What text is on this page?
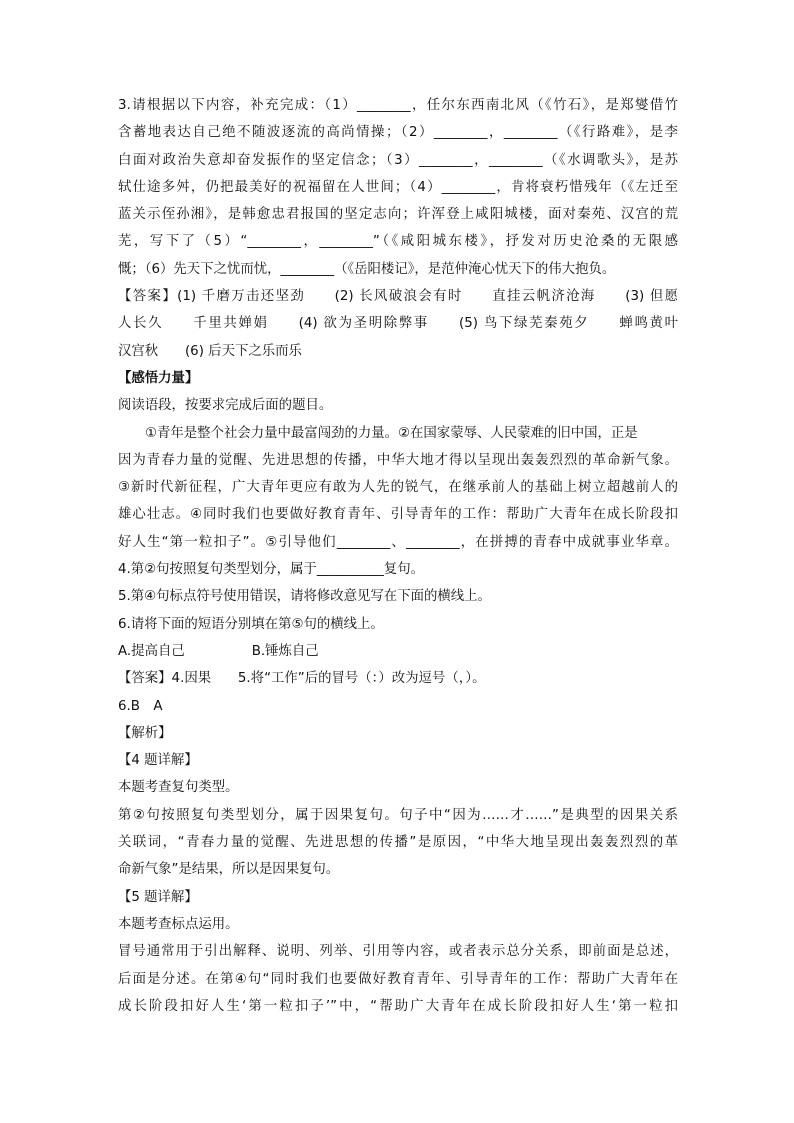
3.请根据以下内容，补充完成：（1）________，任尔东西南北风（《竹石》，是郑燮借竹
含蓄地表达自己绝不随波逐流的高尚情操；（2）________，________（《行路难》，是李
白面对政治失意却奋发振作的坚定信念；（3）________，________（《水调歌头》，是苏
轼仕途多舛，仍把最美好的祝福留在人世间；（4）________，肯将衰朽惜残年（《左迁至
蓝关示侄孙湘》，是韩愈忠君报国的坚定志向；许浑登上咸阳城楼，面对秦苑、汉宫的荒
芜，写下了（5）“________，________”（《咸阳城东楼》，抒发对历史沧桑的无限感
慨；（6）先天下之忧而忧，________（《岳阳楼记》，是范仲淹心忧天下的伟大抱负。
【答案】(1) 千磨万击还坚劲　　(2) 长风破浪会有时　　直挂云帆济沧海　　(3) 但愿
人长久　　千里共婵娟　　(4) 欲为圣明除弊事　　(5) 鸟下绿芜秦苑夕　　蝉鸣黄叶
汉宫秋　　(6) 后天下之乐而乐
【感悟力量】
阅读语段，按要求完成后面的题目。
①青年是整个社会力量中最富闯劲的力量。②在国家蒙辱、人民蒙难的旧中国，正是
因为青春力量的觉醒、先进思想的传播，中华大地才得以呈现出轰轰烈烈的革命新气象。
③新时代新征程，广大青年更应有敢为人先的锐气，在继承前人的基础上树立超越前人的
雄心壮志。④同时我们也要做好教育青年、引导青年的工作：帮助广大青年在成长阶段扣
好人生“第一粒扣子”。⑤引导他们________、________，在拼搏的青春中成就事业华章。
4.第②句按照复句类型划分，属于__________复句。
5.第④句标点符号使用错误，请将修改意见写在下面的横线上。
6.请将下面的短语分别填在第⑤句的横线上。
A.提高自己　　　　　B.锤炼自己
【答案】4.因果　　5.将“工作”后的冒号（：）改为逗号（，）。
6.B　A
【解析】
【4 题详解】
本题考查复句类型。
第②句按照复句类型划分，属于因果复句。句子中“因为……才……”是典型的因果关系
关联词，“青春力量的觉醒、先进思想的传播”是原因，“中华大地呈现出轰轰烈烈的革
命新气象”是结果，所以是因果复句。
【5 题详解】
本题考查标点运用。
冒号通常用于引出解释、说明、列举、引用等内容，或者表示总分关系，即前面是总述，
后面是分述。在第④句“同时我们也要做好教育青年、引导青年的工作：帮助广大青年在
成长阶段扣好人生‘第一粒扣子’”中，“帮助广大青年在成长阶段扣好人生‘第一粒扣
